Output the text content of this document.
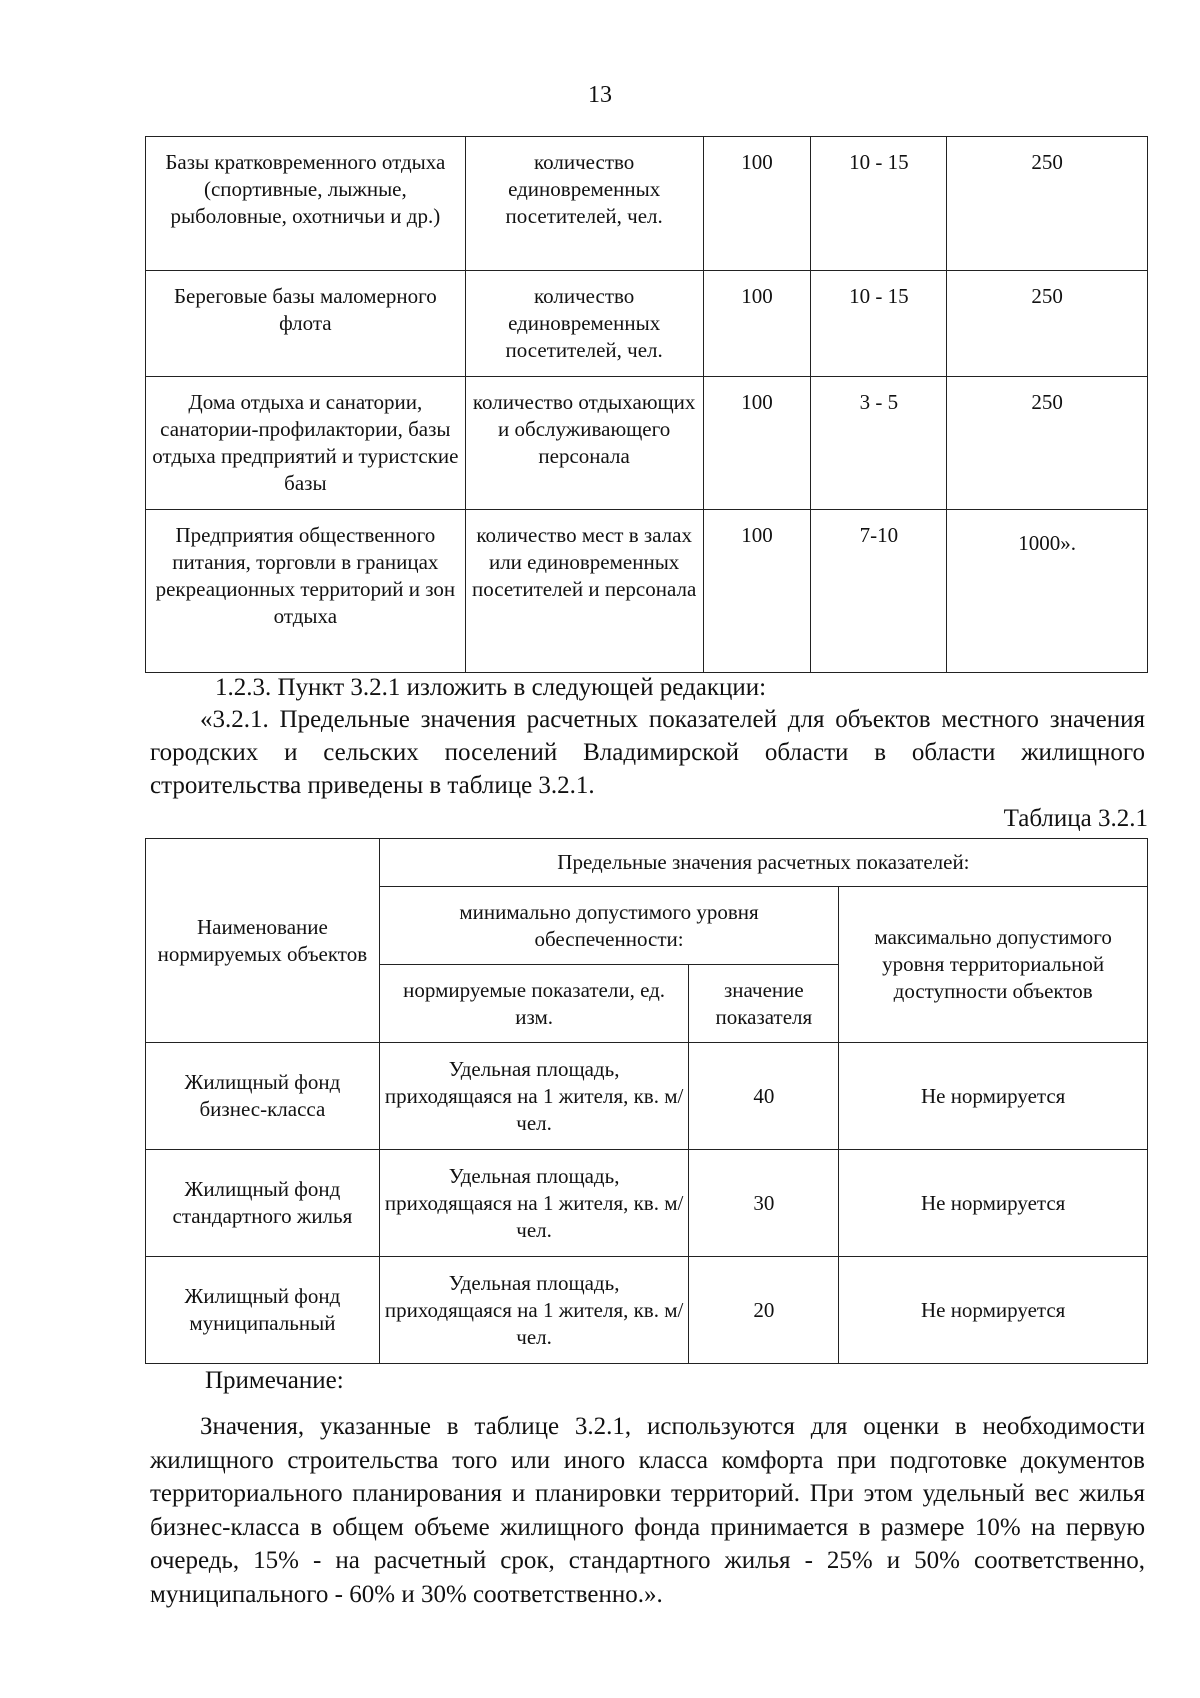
13
Базы кратковременного отдыха (спортивные, лыжные, рыболовные, охотничьи и др.)	количество единовременных посетителей, чел.	100	10 - 15	250
Береговые базы маломерного флота	количество единовременных посетителей, чел.	100	10 - 15	250
Дома отдыха и санатории, санатории-профилактории, базы отдыха предприятий и туристские базы	количество отдыхающих и обслуживающего персонала	100	3 - 5	250
Предприятия общественного питания, торговли в границах рекреационных территорий и зон отдыха	количество мест в залах или единовременных посетителей и персонала	100	7-10	1000».
1.2.3. Пункт 3.2.1 изложить в следующей редакции:
«3.2.1. Предельные значения расчетных показателей для объектов местного значения городских и сельских поселений Владимирской области в области жилищного строительства приведены в таблице 3.2.1.
Таблица 3.2.1
Наименование нормируемых объектов	Предельные значения расчетных показателей:		
	минимально допустимого уровня обеспеченности:		максимально допустимого уровня территориальной доступности объектов
	нормируемые показатели, ед. изм.	значение показателя	
Жилищный фонд бизнес-класса	Удельная площадь, приходящаяся на 1 жителя, кв. м/чел.	40	Не нормируется
Жилищный фонд стандартного жилья	Удельная площадь, приходящаяся на 1 жителя, кв. м/чел.	30	Не нормируется
Жилищный фонд муниципальный	Удельная площадь, приходящаяся на 1 жителя, кв. м/чел.	20	Не нормируется
Примечание:
Значения, указанные в таблице 3.2.1, используются для оценки в необходимости жилищного строительства того или иного класса комфорта при подготовке документов территориального планирования и планировки территорий. При этом удельный вес жилья бизнес-класса в общем объеме жилищного фонда принимается в размере 10% на первую очередь, 15% - на расчетный срок, стандартного жилья - 25% и 50% соответственно, муниципального - 60% и 30% соответственно.».
